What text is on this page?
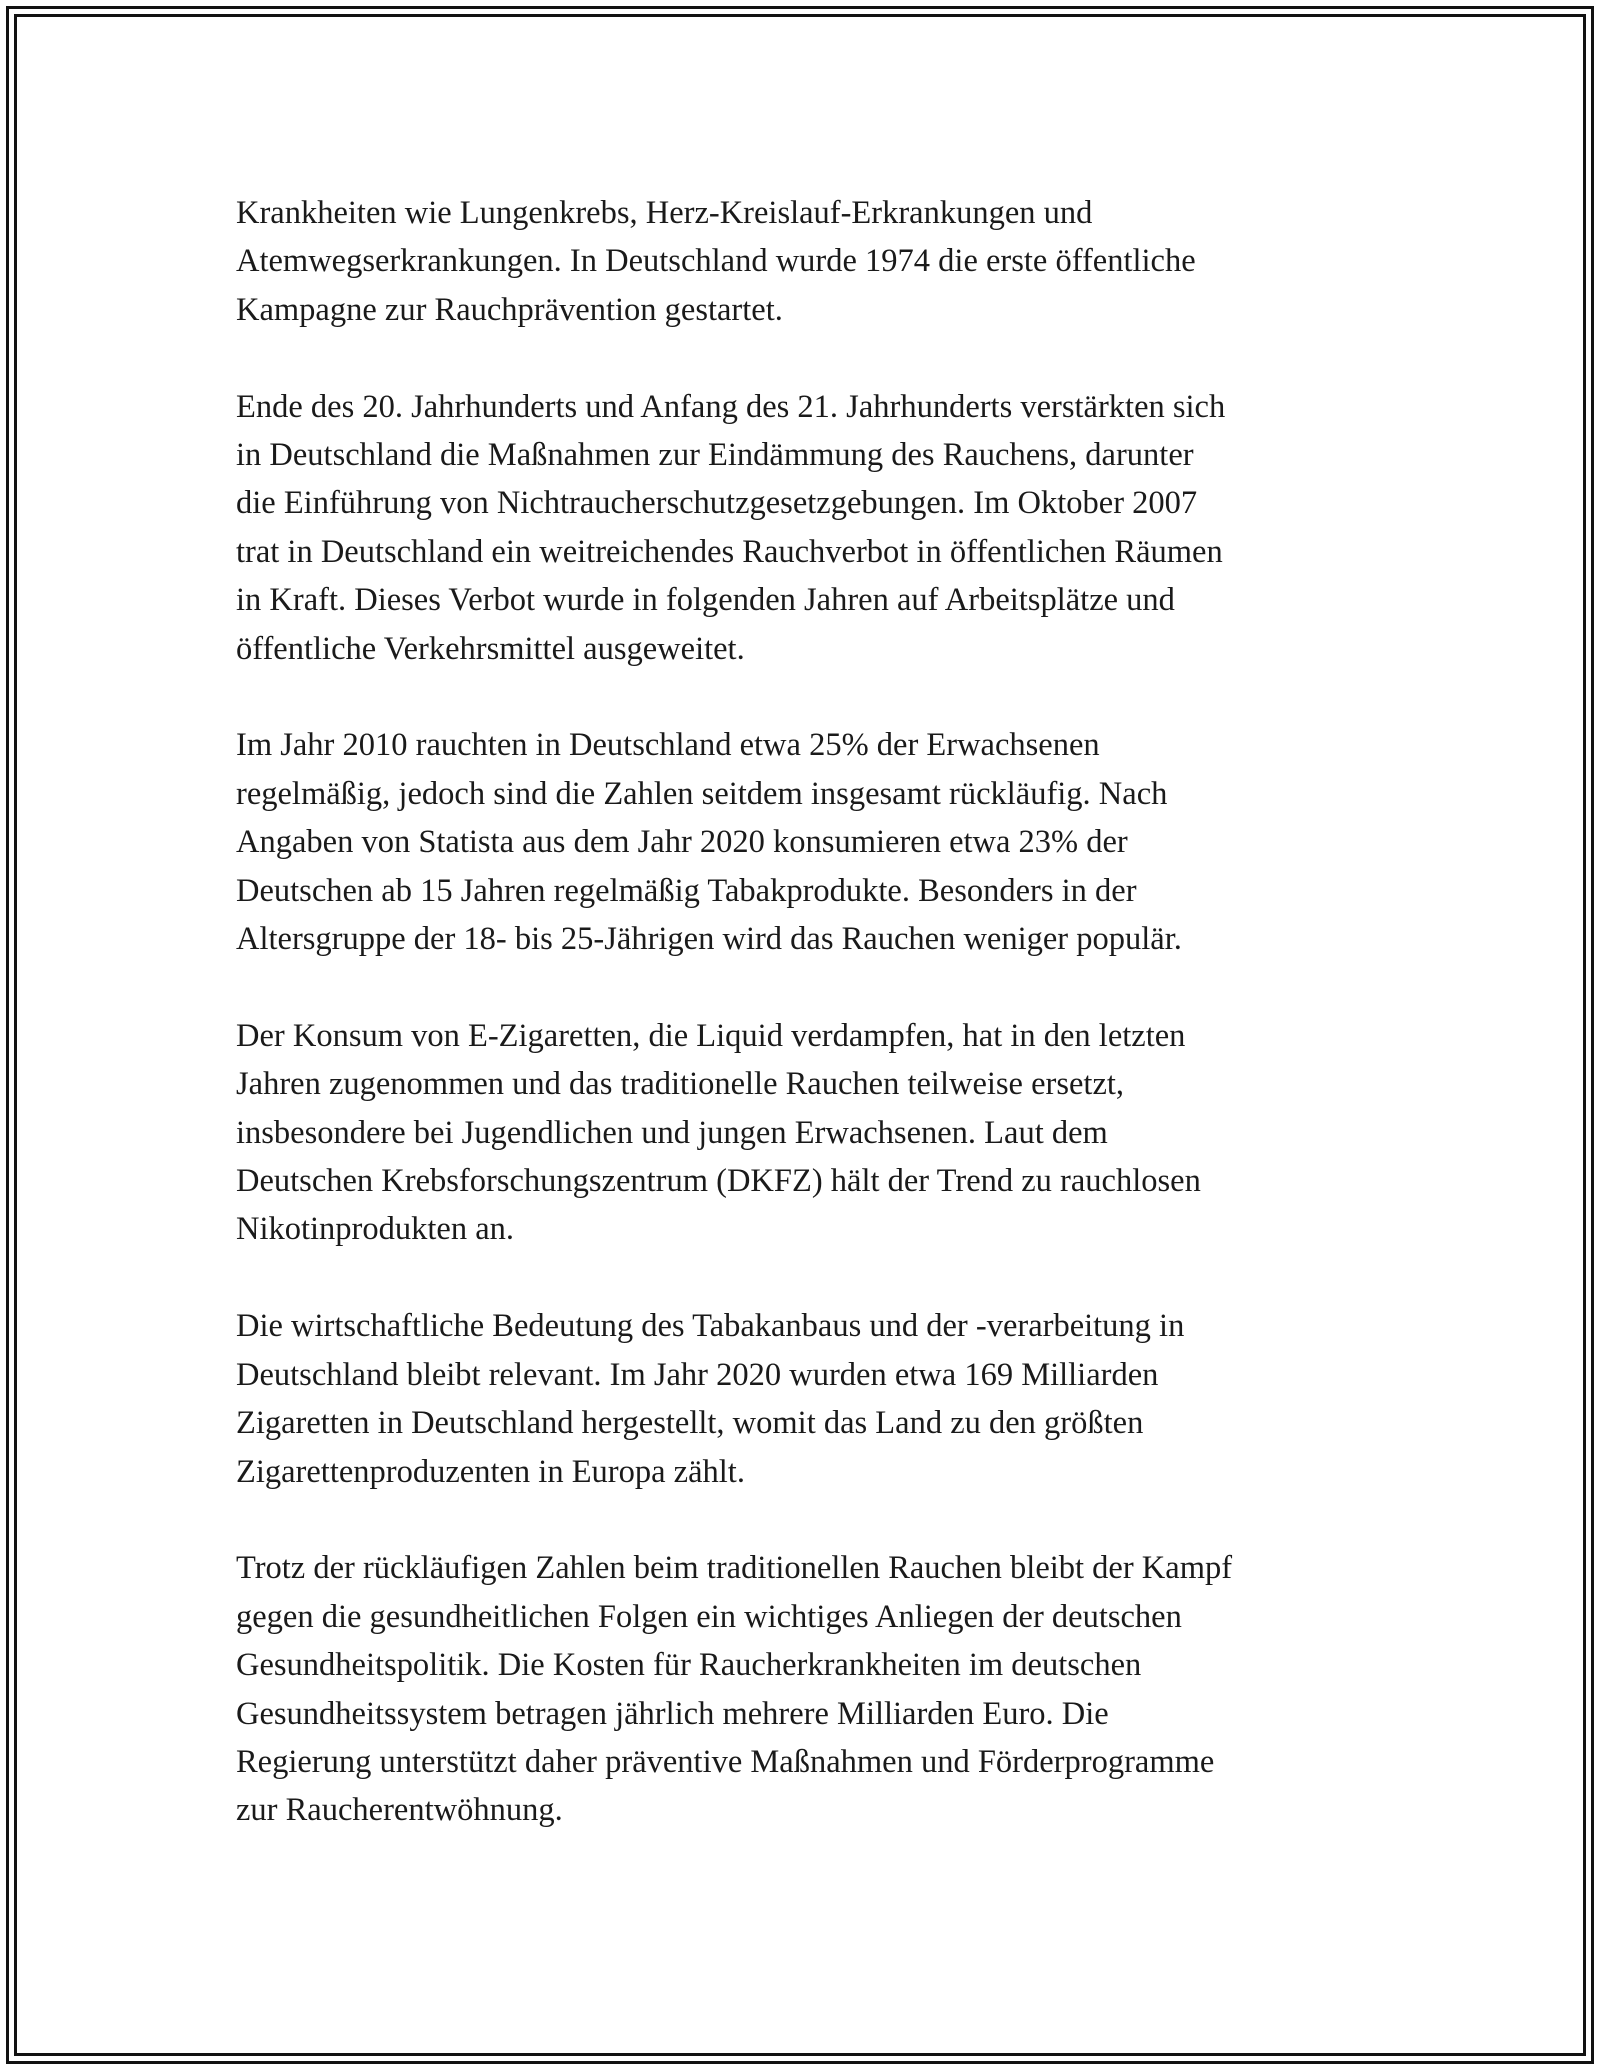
Krankheiten wie Lungenkrebs, Herz-Kreislauf-Erkrankungen und
Atemwegserkrankungen. In Deutschland wurde 1974 die erste öffentliche
Kampagne zur Rauchprävention gestartet.

Ende des 20. Jahrhunderts und Anfang des 21. Jahrhunderts verstärkten sich
in Deutschland die Maßnahmen zur Eindämmung des Rauchens, darunter
die Einführung von Nichtraucherschutzgesetzgebungen. Im Oktober 2007
trat in Deutschland ein weitreichendes Rauchverbot in öffentlichen Räumen
in Kraft. Dieses Verbot wurde in folgenden Jahren auf Arbeitsplätze und
öffentliche Verkehrsmittel ausgeweitet.

Im Jahr 2010 rauchten in Deutschland etwa 25% der Erwachsenen
regelmäßig, jedoch sind die Zahlen seitdem insgesamt rückläufig. Nach
Angaben von Statista aus dem Jahr 2020 konsumieren etwa 23% der
Deutschen ab 15 Jahren regelmäßig Tabakprodukte. Besonders in der
Altersgruppe der 18- bis 25-Jährigen wird das Rauchen weniger populär.

Der Konsum von E-Zigaretten, die Liquid verdampfen, hat in den letzten
Jahren zugenommen und das traditionelle Rauchen teilweise ersetzt,
insbesondere bei Jugendlichen und jungen Erwachsenen. Laut dem
Deutschen Krebsforschungszentrum (DKFZ) hält der Trend zu rauchlosen
Nikotinprodukten an.

Die wirtschaftliche Bedeutung des Tabakanbaus und der -verarbeitung in
Deutschland bleibt relevant. Im Jahr 2020 wurden etwa 169 Milliarden
Zigaretten in Deutschland hergestellt, womit das Land zu den größten
Zigarettenproduzenten in Europa zählt.

Trotz der rückläufigen Zahlen beim traditionellen Rauchen bleibt der Kampf
gegen die gesundheitlichen Folgen ein wichtiges Anliegen der deutschen
Gesundheitspolitik. Die Kosten für Raucherkrankheiten im deutschen
Gesundheitssystem betragen jährlich mehrere Milliarden Euro. Die
Regierung unterstützt daher präventive Maßnahmen und Förderprogramme
zur Raucherentwöhnung.
